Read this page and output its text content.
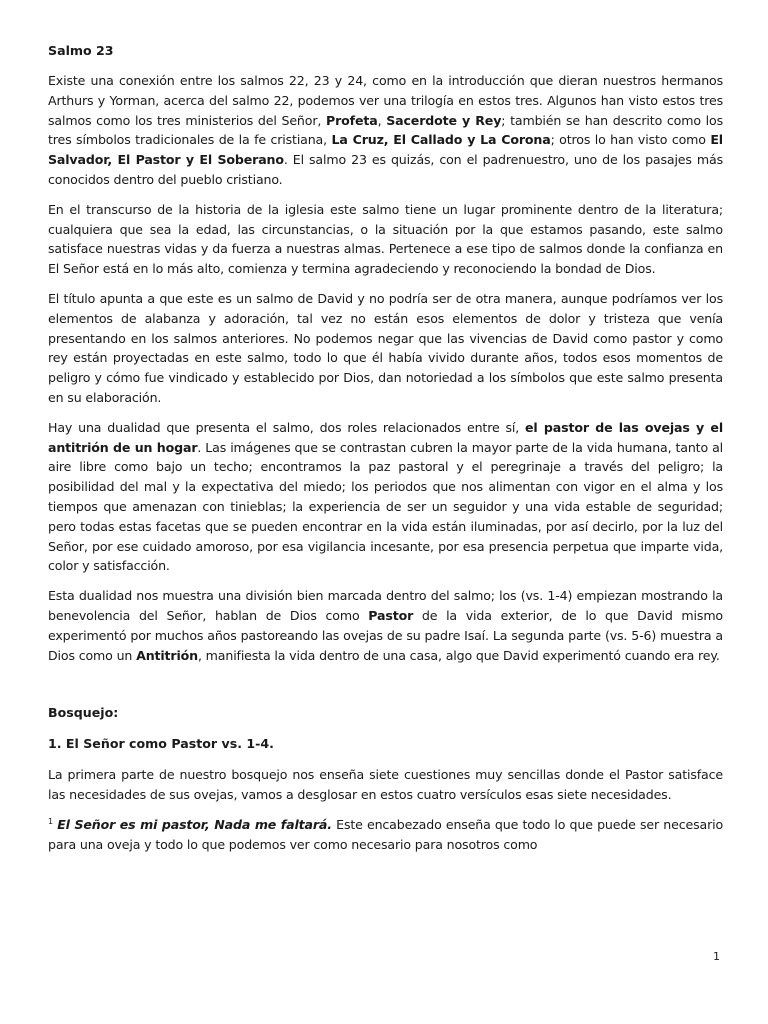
Salmo 23

Existe una conexión entre los salmos 22, 23 y 24, como en la introducción que dieran nuestros hermanos Arthurs y Yorman, acerca del salmo 22, podemos ver una trilogía en estos tres. Algunos han visto estos tres salmos como los tres ministerios del Señor, Profeta, Sacerdote y Rey; también se han descrito como los tres símbolos tradicionales de la fe cristiana, La Cruz, El Callado y La Corona; otros lo han visto como El Salvador, El Pastor y El Soberano. El salmo 23 es quizás, con el padrenuestro, uno de los pasajes más conocidos dentro del pueblo cristiano.

En el transcurso de la historia de la iglesia este salmo tiene un lugar prominente dentro de la literatura; cualquiera que sea la edad, las circunstancias, o la situación por la que estamos pasando, este salmo satisface nuestras vidas y da fuerza a nuestras almas. Pertenece a ese tipo de salmos donde la confianza en El Señor está en lo más alto, comienza y termina agradeciendo y reconociendo la bondad de Dios.

El título apunta a que este es un salmo de David y no podría ser de otra manera, aunque podríamos ver los elementos de alabanza y adoración, tal vez no están esos elementos de dolor y tristeza que venía presentando en los salmos anteriores. No podemos negar que las vivencias de David como pastor y como rey están proyectadas en este salmo, todo lo que él había vivido durante años, todos esos momentos de peligro y cómo fue vindicado y establecido por Dios, dan notoriedad a los símbolos que este salmo presenta en su elaboración.

Hay una dualidad que presenta el salmo, dos roles relacionados entre sí, el pastor de las ovejas y el antitrión de un hogar. Las imágenes que se contrastan cubren la mayor parte de la vida humana, tanto al aire libre como bajo un techo; encontramos la paz pastoral y el peregrinaje a través del peligro; la posibilidad del mal y la expectativa del miedo; los periodos que nos alimentan con vigor en el alma y los tiempos que amenazan con tinieblas; la experiencia de ser un seguidor y una vida estable de seguridad; pero todas estas facetas que se pueden encontrar en la vida están iluminadas, por así decirlo, por la luz del Señor, por ese cuidado amoroso, por esa vigilancia incesante, por esa presencia perpetua que imparte vida, color y satisfacción.

Esta dualidad nos muestra una división bien marcada dentro del salmo; los (vs. 1-4) empiezan mostrando la benevolencia del Señor, hablan de Dios como Pastor de la vida exterior, de lo que David mismo experimentó por muchos años pastoreando las ovejas de su padre Isaí. La segunda parte (vs. 5-6) muestra a Dios como un Antitrión, manifiesta la vida dentro de una casa, algo que David experimentó cuando era rey.

Bosquejo:
1. El Señor como Pastor vs. 1-4.

La primera parte de nuestro bosquejo nos enseña siete cuestiones muy sencillas donde el Pastor satisface las necesidades de sus ovejas, vamos a desglosar en estos cuatro versículos esas siete necesidades.

$^1$ El Señor es mi pastor, Nada me faltará. Este encabezado enseña que todo lo que puede ser necesario para una oveja y todo lo que podemos ver como necesario para nosotros como

1
